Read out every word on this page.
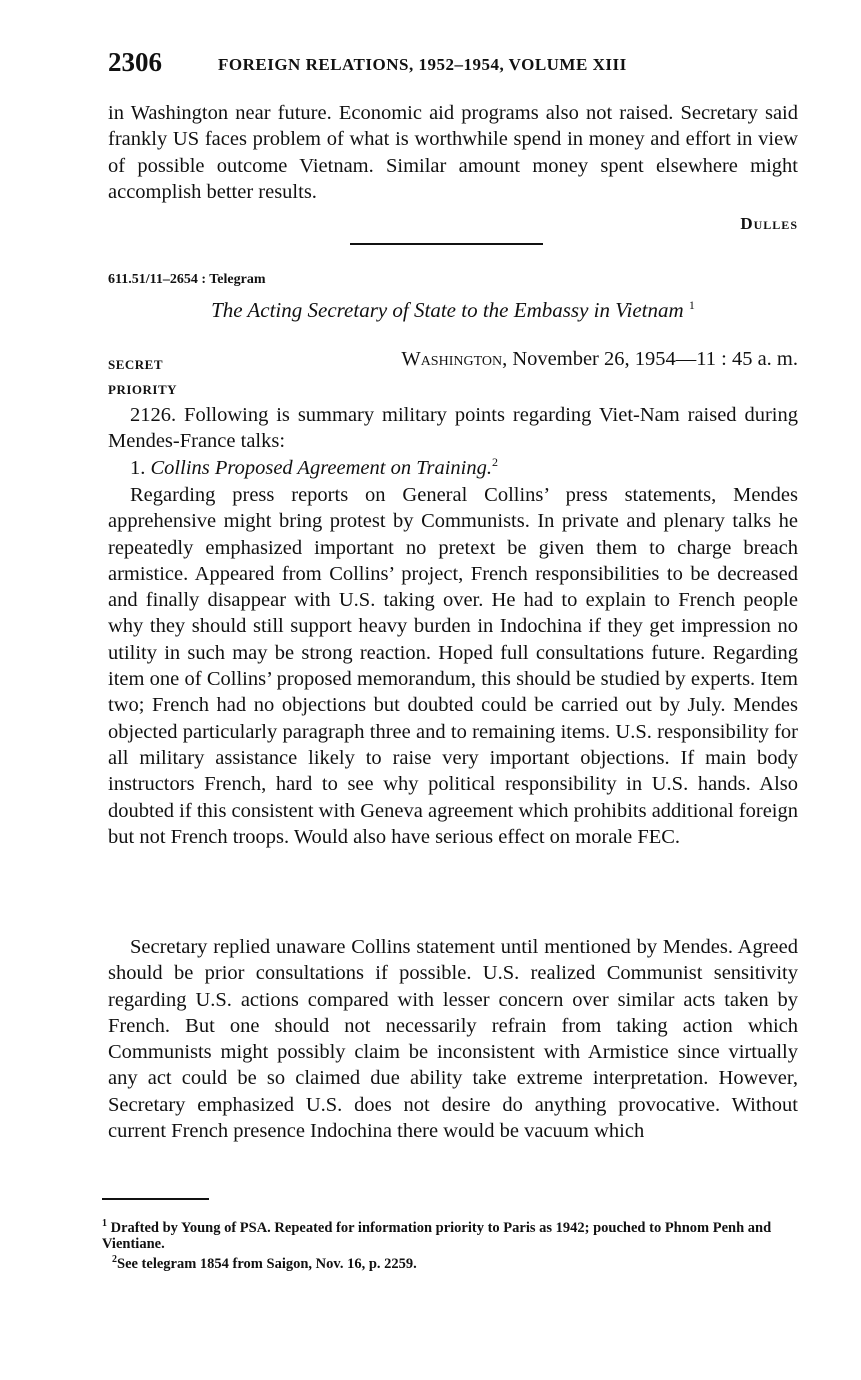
2306	FOREIGN RELATIONS, 1952–1954, VOLUME XIII

in Washington near future. Economic aid programs also not raised. Secretary said frankly US faces problem of what is worthwhile spend in money and effort in view of possible outcome Vietnam. Similar amount money spent elsewhere might accomplish better results.

Dulles
611.51/11–2654 : Telegram
The Acting Secretary of State to the Embassy in Vietnam $^1$
SECRET
PRIORITY
Washington, November 26, 1954—11 : 45 a. m.

2126. Following is summary military points regarding Viet-Nam raised during Mendes-France talks:

1. Collins Proposed Agreement on Training.$^2$

Regarding press reports on General Collins’ press statements, Mendes apprehensive might bring protest by Communists. In private and plenary talks he repeatedly emphasized important no pretext be given them to charge breach armistice. Appeared from Collins’ project, French responsibilities to be decreased and finally disappear with U.S. taking over. He had to explain to French people why they should still support heavy burden in Indochina if they get impression no utility in such may be strong reaction. Hoped full consultations future. Regarding item one of Collins’ proposed memorandum, this should be studied by experts. Item two; French had no objections but doubted could be carried out by July. Mendes objected particularly paragraph three and to remaining items. U.S. responsibility for all military assistance likely to raise very important objections. If main body instructors French, hard to see why political responsibility in U.S. hands. Also doubted if this consistent with Geneva agreement which prohibits additional foreign but not French troops. Would also have serious effect on morale FEC.

Secretary replied unaware Collins statement until mentioned by Mendes. Agreed should be prior consultations if possible. U.S. realized Communist sensitivity regarding U.S. actions compared with lesser concern over similar acts taken by French. But one should not necessarily refrain from taking action which Communists might possibly claim be inconsistent with Armistice since virtually any act could be so claimed due ability take extreme interpretation. However, Secretary emphasized U.S. does not desire do anything provocative. Without current French presence Indochina there would be vacuum which

$^1$ Drafted by Young of PSA. Repeated for information priority to Paris as 1942; pouched to Phnom Penh and Vientiane.

$^2$See telegram 1854 from Saigon, Nov. 16, p. 2259.
